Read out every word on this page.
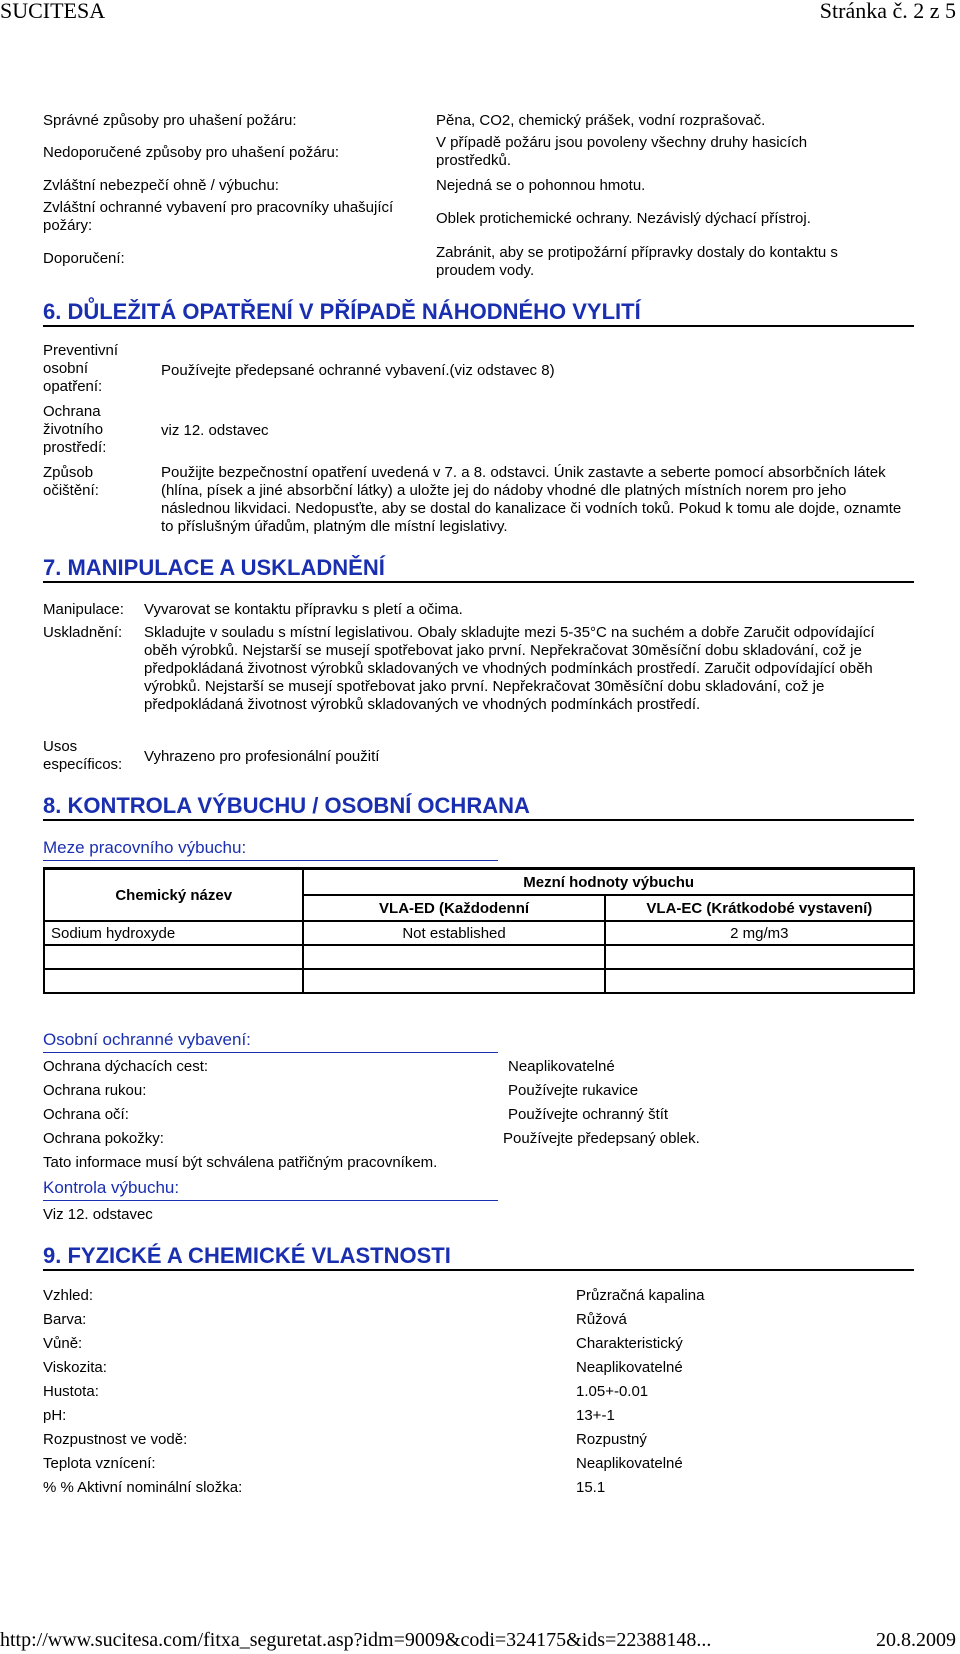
SUCITESA	Stránka č. 2 z 5
Správné způsoby pro uhašení požáru:	Pěna, CO2, chemický prášek, vodní rozprašovač.
Nedoporučené způsoby pro uhašení požáru:
V případě požáru jsou povoleny všechny druhy hasicích prostředků.
Zvláštní nebezpečí ohně / výbuchu:	Nejedná se o pohonnou hmotu.
Zvláštní ochranné vybavení pro pracovníky uhašující požáry:	Oblek protichemické ochrany. Nezávislý dýchací přístroj.
Doporučení:	Zabránit, aby se protipožární přípravky dostaly do kontaktu s proudem vody.
6. DŮLEŽITÁ OPATŘENÍ V PŘÍPADĚ NÁHODNÉHO VYLITÍ
Preventivní osobní opatření:
Používejte předepsané ochranné vybavení.(viz odstavec 8)
Ochrana životního prostředí:
viz 12. odstavec
Způsob očištění:
Použijte bezpečnostní opatření uvedená v 7. a 8. odstavci. Únik zastavte a seberte pomocí absorbčních látek (hlína, písek a jiné absorbční látky) a uložte jej do nádoby vhodné dle platných místních norem pro jeho následnou likvidaci. Nedopusťte, aby se dostal do kanalizace či vodních toků. Pokud k tomu ale dojde, oznamte to příslušným úřadům, platným dle místní legislativy.
7. MANIPULACE A USKLADNĚNÍ
Manipulace: Vyvarovat se kontaktu přípravku s pletí a očima.
Uskladnění: Skladujte v souladu s místní legislativou. Obaly skladujte mezi 5-35°C na suchém a dobře Zaručit odpovídající oběh výrobků. Nejstarší se musejí spotřebovat jako první. Nepřekračovat 30měsíční dobu skladování, což je předpokládaná životnost výrobků skladovaných ve vhodných podmínkách prostředí. Zaručit odpovídající oběh výrobků. Nejstarší se musejí spotřebovat jako první. Nepřekračovat 30měsíční dobu skladování, což je předpokládaná životnost výrobků skladovaných ve vhodných podmínkách prostředí.
Usos específicos:	Vyhrazeno pro profesionální použití
8. KONTROLA VÝBUCHU / OSOBNÍ OCHRANA
Meze pracovního výbuchu:
Chemický název	Mezní hodnoty výbuchu	
	VLA-ED (Každodenní	VLA-EC (Krátkodobé vystavení)
Sodium hydroxyde	Not established	2 mg/m3

Osobní ochranné vybavení:
Ochrana dýchacích cest:	Neaplikovatelné
Ochrana rukou:	Používejte rukavice
Ochrana očí:	Používejte ochranný štít
Ochrana pokožky:	Používejte předepsaný oblek.
Tato informace musí být schválena patřičným pracovníkem.
Kontrola výbuchu:
Viz 12. odstavec
9. FYZICKÉ A CHEMICKÉ VLASTNOSTI
Vzhled:	Průzračná kapalina
Barva:	Růžová
Vůně:	Charakteristický
Viskozita:	Neaplikovatelné
Hustota:	1.05+-0.01
pH:	13+-1
Rozpustnost ve vodě:	Rozpustný
Teplota vznícení:	Neaplikovatelné
% % Aktivní nominální složka:	15.1
http://www.sucitesa.com/fitxa_seguretat.asp?idm=9009&codi=324175&ids=22388148...	20.8.2009
